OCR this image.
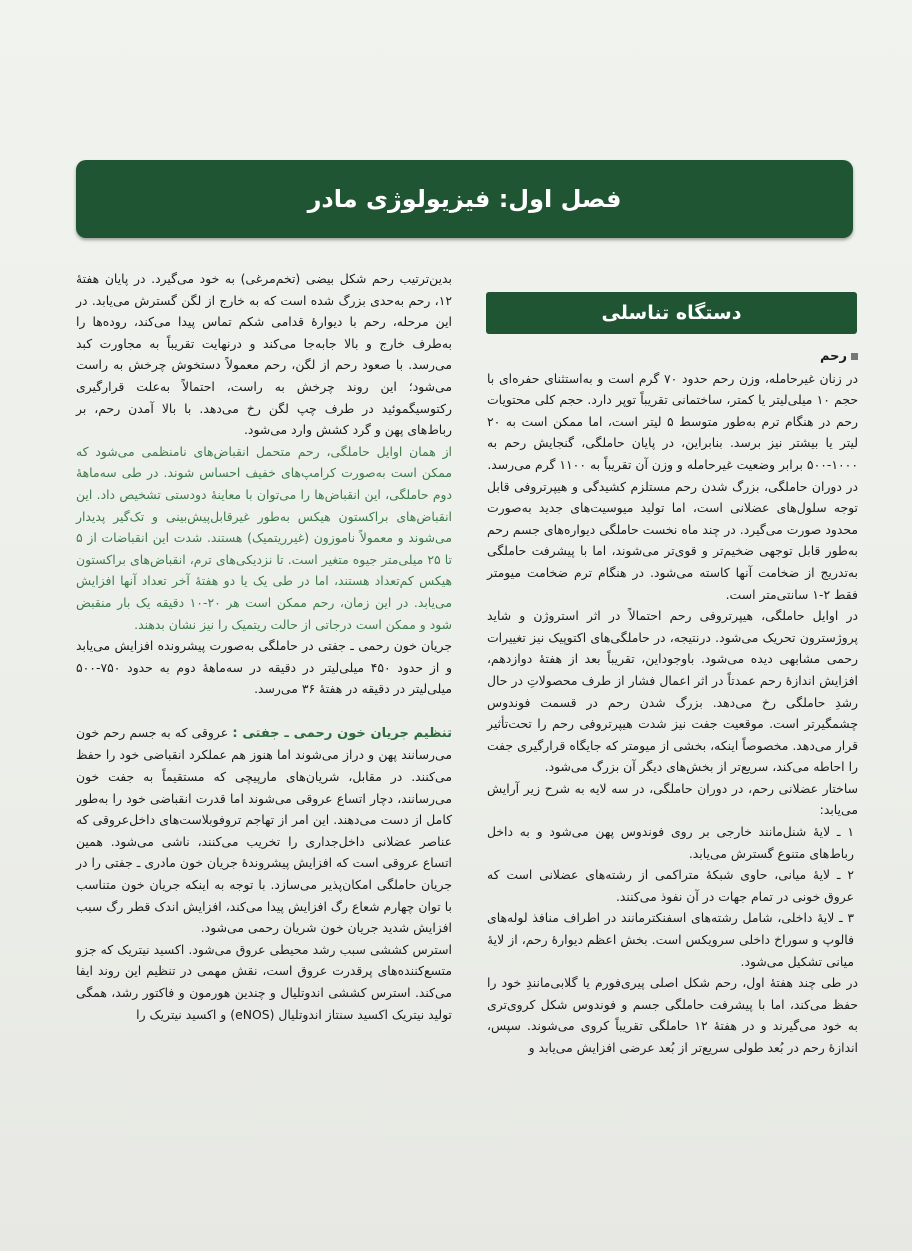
فصل اول: فیزیولوژی مادر
دستگاه تناسلی

رحم

در زنان غیرحامله، وزن رحم حدود ۷۰ گرم است و به‌استثنای حفره‌ای با حجم ۱۰ میلی‌لیتر یا کمتر، ساختمانی تقریباً توپر دارد. حجم کلی محتویات رحم در هنگام ترم به‌طور متوسط ۵ لیتر است، اما ممکن است به ۲۰ لیتر یا بیشتر نیز برسد. بنابراین، در پایان حاملگی، گنجایش رحم به ۱۰۰۰-۵۰۰ برابر وضعیت غیرحامله و وزن آن تقریباً به ۱۱۰۰ گرم می‌رسد.

در دوران حاملگی، بزرگ شدن رحم مستلزم کشیدگی و هیپرتروفی قابل توجه سلول‌های عضلانی است، اما تولید میوسیت‌های جدید به‌صورت محدود صورت می‌گیرد. در چند ماه نخست حاملگی دیواره‌های جسم رحم به‌طور قابل توجهی ضخیم‌تر و قوی‌تر می‌شوند، اما با پیشرفت حاملگی به‌تدریج از ضخامت آنها کاسته می‌شود. در هنگام ترم ضخامت میومتر فقط ۲-۱ سانتی‌متر است.

در اوایل حاملگی، هیپرتروفی رحم احتمالاً در اثر استروژن و شاید پروژسترون تحریک می‌شود. درنتیجه، در حاملگی‌های اکتوپیک نیز تغییرات رحمی مشابهی دیده می‌شود. باوجوداین، تقریباً بعد از هفتهٔ دوازدهم، افزایش اندازهٔ رحم عمدتاً در اثر اعمال فشار از طرف محصولاتِ در حال رشدِ حاملگی رخ می‌دهد. بزرگ شدن رحم در قسمت فوندوس چشمگیرتر است. موقعیت جفت نیز شدت هیپرتروفی رحم را تحت‌تأثیر قرار می‌دهد. مخصوصاً اینکه، بخشی از میومتر که جایگاه قرارگیری جفت را احاطه می‌کند، سریع‌تر از بخش‌های دیگر آن بزرگ می‌شود.

ساختار عضلانی رحم، در دوران حاملگی، در سه لایه به شرح زیر آرایش می‌یابد:

۱ ـ لایهٔ شنل‌مانند خارجی بر روی فوندوس پهن می‌شود و به داخل رباط‌های متنوع گسترش می‌یابد.

۲ ـ لایهٔ میانی، حاوی شبکهٔ متراکمی از رشته‌های عضلانی است که عروق خونی در تمام جهات در آن نفوذ می‌کنند.

۳ ـ لایهٔ داخلی، شامل رشته‌های اسفنکترمانند در اطراف منافذ لوله‌های فالوپ و سوراخ داخلی سرویکس است. بخش اعظم دیوارهٔ رحم، از لایهٔ میانی تشکیل می‌شود.

در طی چند هفتهٔ اول، رحم شکل اصلی پیری‌فورم یا گلابی‌مانندِ خود را حفظ می‌کند، اما با پیشرفت حاملگی جسم و فوندوس شکل کروی‌تری به خود می‌گیرند و در هفتهٔ ۱۲ حاملگی تقریباً کروی می‌شوند. سپس، اندازهٔ رحم در بُعد طولی سریع‌تر از بُعد عرضی افزایش می‌یابد و

بدین‌ترتیب رحم شکل بیضی (تخم‌مرغی) به خود می‌گیرد. در پایان هفتهٔ ۱۲، رحم به‌حدی بزرگ شده است که به خارج از لگن گسترش می‌یابد. در این مرحله، رحم با دیوارهٔ قدامی شکم تماس پیدا می‌کند، روده‌ها را به‌طرف خارج و بالا جابه‌جا می‌کند و درنهایت تقریباً به مجاورت کبد می‌رسد. با صعود رحم از لگن، رحم معمولاً دستخوش چرخش به راست می‌شود؛ این روند چرخش به راست، احتمالاً به‌علت قرارگیری رکتوسیگموئید در طرف چپ لگن رخ می‌دهد. با بالا آمدن رحم، بر رباط‌های پهن و گرد کشش وارد می‌شود.

از همان اوایل حاملگی، رحم متحمل انقباض‌های نامنظمی می‌شود که ممکن است به‌صورت کرامپ‌های خفیف احساس شوند. در طی سه‌ماههٔ دوم حاملگی، این انقباض‌ها را می‌توان با معاینهٔ دودستی تشخیص داد. این انقباض‌های براکستون هیکس به‌طور غیرقابل‌پیش‌بینی و تک‌گیر پدیدار می‌شوند و معمولاً ناموزون (غیرریتمیک) هستند. شدت این انقباضات از ۵ تا ۲۵ میلی‌متر جیوه متغیر است. تا نزدیکی‌های ترم، انقباض‌های براکستون هیکس کم‌تعداد هستند، اما در طی یک یا دو هفتهٔ آخر تعداد آنها افزایش می‌یابد. در این زمان، رحم ممکن است هر ۲۰-۱۰ دقیقه یک بار منقبض شود و ممکن است درجاتی از حالت ریتمیک را نیز نشان بدهند.

جریان خون رحمی ـ جفتی در حاملگی به‌صورت پیشرونده افزایش می‌یابد و از حدود ۴۵۰ میلی‌لیتر در دقیقه در سه‌ماههٔ دوم به حدود ۷۵۰-۵۰۰ میلی‌لیتر در دقیقه در هفتهٔ ۳۶ می‌رسد.

تنظیم جریان خون رحمی ـ جفتی : عروقی که به جسم رحم خون می‌رسانند پهن و دراز می‌شوند اما هنوز هم عملکرد انقباضی خود را حفظ می‌کنند. در مقابل، شریان‌های مارپیچی که مستقیماً به جفت خون می‌رسانند، دچار اتساع عروقی می‌شوند اما قدرت انقباضی خود را به‌طور کامل از دست می‌دهند. این امر از تهاجم تروفوبلاست‌های داخل‌عروقی که عناصر عضلانی داخل‌جداری را تخریب می‌کنند، ناشی می‌شود. همین اتساع عروقی است که افزایش پیشروندهٔ جریان خون مادری ـ جفتی را در جریان حاملگی امکان‌پذیر می‌سازد. با توجه به اینکه جریان خون متناسب با توان چهارم شعاع رگ افزایش پیدا می‌کند، افزایش اندک قطر رگ سبب افزایش شدید جریان خون شریان رحمی می‌شود.

استرس کششی سبب رشد محیطی عروق می‌شود. اکسید نیتریک که جزو متسع‌کننده‌های پرقدرت عروق است، نقش مهمی در تنظیم این روند ایفا می‌کند. استرس کششی اندوتلیال و چندین هورمون و فاکتور رشد، همگی تولید نیتریک اکسید سنتاز اندوتلیال (eNOS) و اکسید نیتریک را
